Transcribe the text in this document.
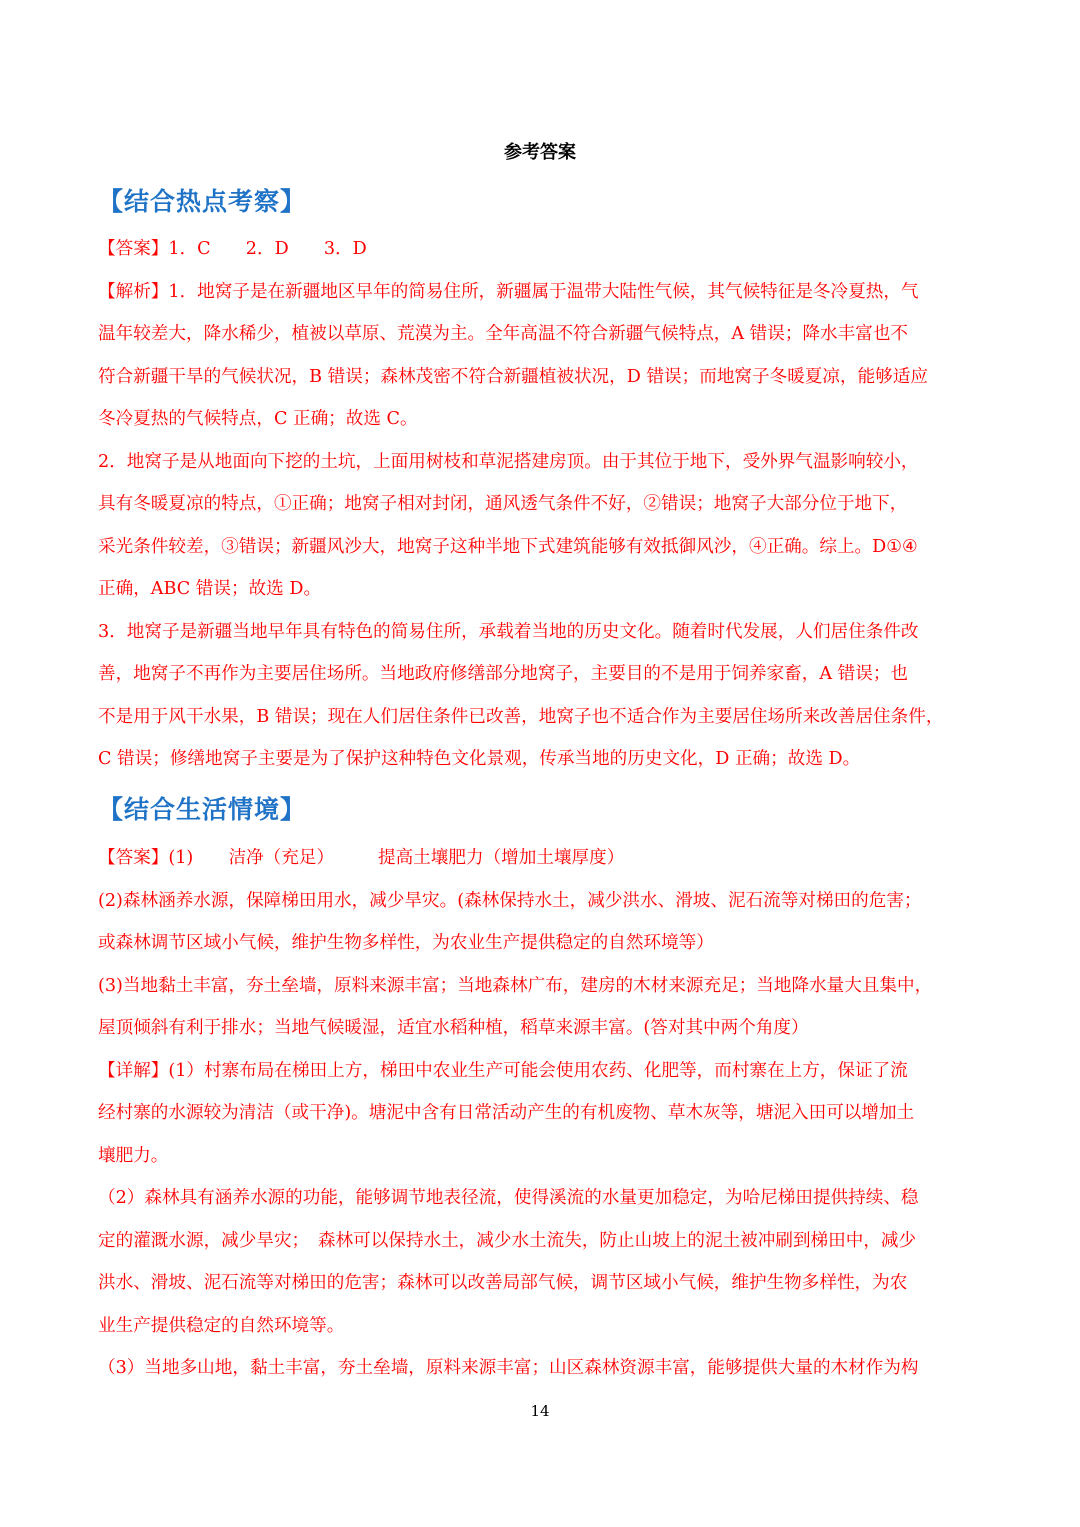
参考答案
【结合热点考察】
【答案】1．C　　2．D　　3．D
【解析】1．地窝子是在新疆地区早年的简易住所，新疆属于温带大陆性气候，其气候特征是冬冷夏热，气
温年较差大，降水稀少，植被以草原、荒漠为主。全年高温不符合新疆气候特点，A 错误；降水丰富也不
符合新疆干旱的气候状况，B 错误；森林茂密不符合新疆植被状况，D 错误；而地窝子冬暖夏凉，能够适应
冬冷夏热的气候特点，C 正确；故选 C。
2．地窝子是从地面向下挖的土坑，上面用树枝和草泥搭建房顶。由于其位于地下，受外界气温影响较小，
具有冬暖夏凉的特点，①正确；地窝子相对封闭，通风透气条件不好，②错误；地窝子大部分位于地下，
采光条件较差，③错误；新疆风沙大，地窝子这种半地下式建筑能够有效抵御风沙，④正确。综上。D①④
正确，ABC 错误；故选 D。
3．地窝子是新疆当地早年具有特色的简易住所，承载着当地的历史文化。随着时代发展，人们居住条件改
善，地窝子不再作为主要居住场所。当地政府修缮部分地窝子，主要目的不是用于饲养家畜，A 错误；也
不是用于风干水果，B 错误；现在人们居住条件已改善，地窝子也不适合作为主要居住场所来改善居住条件，
C 错误；修缮地窝子主要是为了保护这种特色文化景观，传承当地的历史文化，D 正确；故选 D。
【结合生活情境】
【答案】(1)　　洁净（充足）　　　提高土壤肥力（增加土壤厚度）
(2)森林涵养水源，保障梯田用水，减少旱灾。(森林保持水土，减少洪水、滑坡、泥石流等对梯田的危害；
或森林调节区域小气候，维护生物多样性，为农业生产提供稳定的自然环境等）
(3)当地黏土丰富，夯土垒墙，原料来源丰富；当地森林广布，建房的木材来源充足；当地降水量大且集中，
屋顶倾斜有利于排水；当地气候暖湿，适宜水稻种植，稻草来源丰富。(答对其中两个角度）
【详解】(1）村寨布局在梯田上方，梯田中农业生产可能会使用农药、化肥等，而村寨在上方，保证了流
经村寨的水源较为清洁（或干净)。塘泥中含有日常活动产生的有机废物、草木灰等，塘泥入田可以增加土
壤肥力。
（2）森林具有涵养水源的功能，能够调节地表径流，使得溪流的水量更加稳定，为哈尼梯田提供持续、稳
定的灌溉水源，减少旱灾；　森林可以保持水土，减少水土流失，防止山坡上的泥土被冲刷到梯田中，减少
洪水、滑坡、泥石流等对梯田的危害；森林可以改善局部气候，调节区域小气候，维护生物多样性，为农
业生产提供稳定的自然环境等。
（3）当地多山地，黏土丰富，夯土垒墙，原料来源丰富；山区森林资源丰富，能够提供大量的木材作为构
14
